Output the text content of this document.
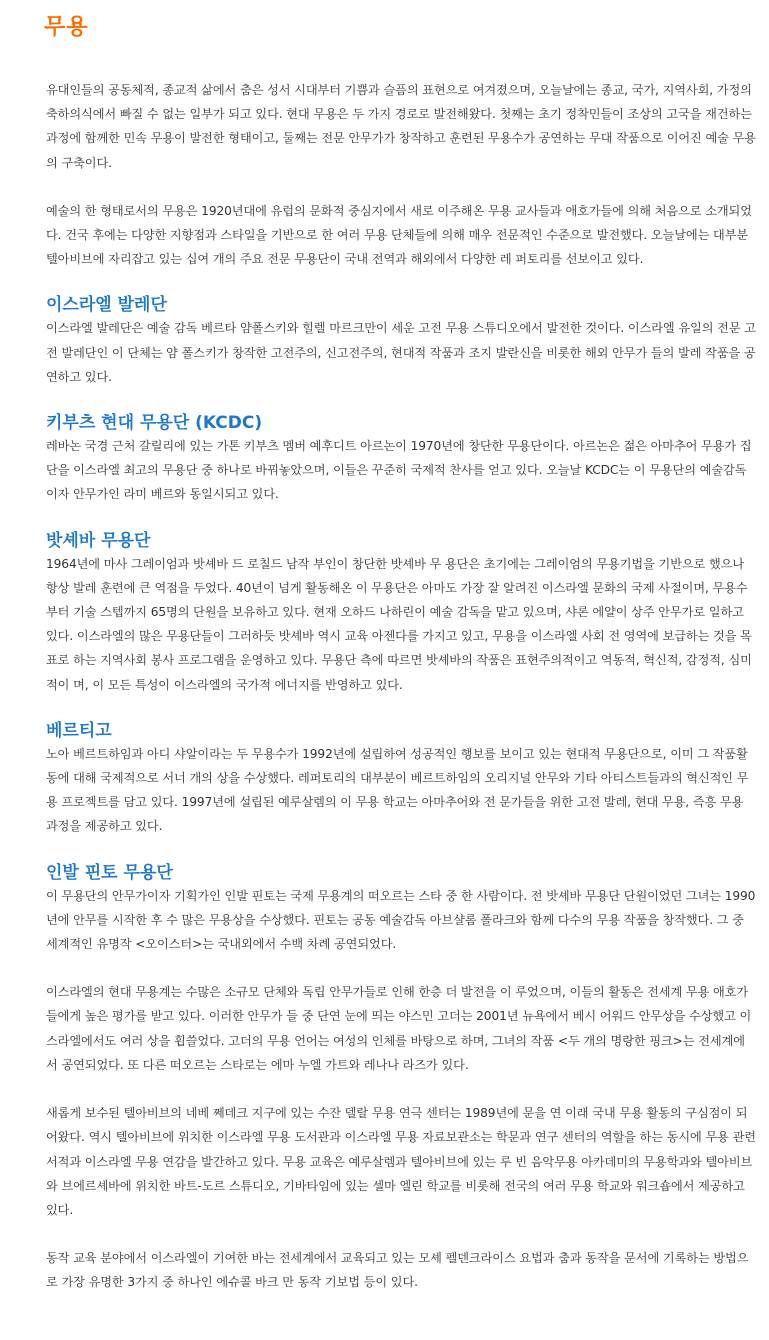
무용

유대인들의 공동체적, 종교적 삶에서 춤은 성서 시대부터 기쁨과 슬픔의 표현으로 여겨졌으며, 오늘날에는 종교, 국가, 지역사회, 가정의 축하의식에서 빠질 수 없는 일부가 되고 있다. 현대 무용은 두 가지 경로로 발전해왔다. 첫째는 초기 정착민들이 조상의 고국을 재건하는 과정에 함께한 민속 무용이 발전한 형태이고, 둘째는 전문 안무가가 창작하고 훈련된 무용수가 공연하는 무대 작품으로 이어진 예술 무용의 구축이다.

예술의 한 형태로서의 무용은 1920년대에 유럽의 문화적 중심지에서 새로 이주해온 무용 교사들과 애호가들에 의해 처음으로 소개되었다. 건국 후에는 다양한 지향점과 스타일을 기반으로 한 여러 무용 단체들에 의해 매우 전문적인 수준으로 발전했다. 오늘날에는 대부분 텔아비브에 자리잡고 있는 십여 개의 주요 전문 무용단이 국내 전역과 해외에서 다양한 레 퍼토리를 선보이고 있다.

이스라엘 발레단

이스라엘 발레단은 예술 감독 베르타 얌폴스키와 힐렐 마르크만이 세운 고전 무용 스튜디오에서 발전한 것이다. 이스라엘 유일의 전문 고전 발레단인 이 단체는 얌 폴스키가 창작한 고전주의, 신고전주의, 현대적 작품과 조지 발란신을 비롯한 해외 안무가 들의 발레 작품을 공연하고 있다.

키부츠 현대 무용단 (KCDC)

레바논 국경 근처 갈릴리에 있는 가톤 키부츠 멤버 예후디트 아르논이 1970년에 창단한 무용단이다. 아르논은 젊은 아마추어 무용가 집단을 이스라엘 최고의 무용단 중 하나로 바꿔놓았으며, 이들은 꾸준히 국제적 찬사를 얻고 있다. 오늘날 KCDC는 이 무용단의 예술감독이자 안무가인 라미 베르와 동일시되고 있다.

밧셰바 무용단

1964년에 마사 그레이엄과 밧셰바 드 로칠드 남작 부인이 창단한 밧셰바 무 용단은 초기에는 그레이엄의 무용기법을 기반으로 했으나 항상 발레 훈련에 큰 역점을 두었다. 40년이 넘게 활동해온 이 무용단은 아마도 가장 잘 알려진 이스라엘 문화의 국제 사절이며, 무용수부터 기술 스텝까지 65명의 단원을 보유하고 있다. 현재 오하드 나하린이 예술 감독을 맡고 있으며, 샤론 에얄이 상주 안무가로 일하고 있다. 이스라엘의 많은 무용단들이 그러하듯 밧셰바 역시 교육 아젠다를 가지고 있고, 무용을 이스라엘 사회 전 영역에 보급하는 것을 목표로 하는 지역사회 봉사 프로그램을 운영하고 있다. 무용단 측에 따르면 밧셰바의 작품은 표현주의적이고 역동적, 혁신적, 감정적, 심미적이 며, 이 모든 특성이 이스라엘의 국가적 에너지를 반영하고 있다.

베르티고

노아 베르트하임과 아디 샤알이라는 두 무용수가 1992년에 설립하여 성공적인 행보를 보이고 있는 현대적 무용단으로, 이미 그 작품활동에 대해 국제적으로 서너 개의 상을 수상했다. 레퍼토리의 대부분이 베르트하임의 오리지널 안무와 기타 아티스트들과의 혁신적인 무용 프로젝트를 담고 있다. 1997년에 설립된 예루살렘의 이 무용 학교는 아마추어와 전 문가들을 위한 고전 발레, 현대 무용, 즉흥 무용 과정을 제공하고 있다.

인발 핀토 무용단

이 무용단의 안무가이자 기획가인 인발 핀토는 국제 무용계의 떠오르는 스타 중 한 사람이다. 전 밧셰바 무용단 단원이었던 그녀는 1990년에 안무를 시작한 후 수 많은 무용상을 수상했다. 핀토는 공동 예술감독 아브샬롬 폴라크와 함께 다수의 무용 작품을 창작했다. 그 중 세계적인 유명작 <오이스터>는 국내외에서 수백 차례 공연되었다.

이스라엘의 현대 무용계는 수많은 소규모 단체와 독립 안무가들로 인해 한층 더 발전을 이 루었으며, 이들의 활동은 전세계 무용 애호가들에게 높은 평가를 받고 있다. 이러한 안무가 들 중 단연 눈에 띄는 야스민 고더는 2001년 뉴욕에서 베시 어워드 안무상을 수상했고 이 스라엘에서도 여러 상을 휩쓸었다. 고더의 무용 언어는 여성의 인체를 바탕으로 하며, 그녀의 작품 <두 개의 명랑한 핑크>는 전세계에서 공연되었다. 또 다른 떠오르는 스타로는 에마 누엘 가트와 레나나 라즈가 있다.

새롭게 보수된 텔아비브의 네베 쩨데크 지구에 있는 수잔 델랄 무용 연극 센터는 1989년에 문을 연 이래 국내 무용 활동의 구심점이 되어왔다. 역시 텔아비브에 위치한 이스라엘 무용 도서관과 이스라엘 무용 자료보관소는 학문과 연구 센터의 역할을 하는 동시에 무용 관련 서적과 이스라엘 무용 연감을 발간하고 있다. 무용 교육은 예루살렘과 텔아비브에 있는 루 빈 음악무용 아카데미의 무용학과와 텔아비브와 브에르셰바에 위치한 바트-도르 스튜디오, 기바타임에 있는 셀마 엘린 학교를 비롯해 전국의 여러 무용 학교와 워크숍에서 제공하고 있다.

동작 교육 분야에서 이스라엘이 기여한 바는 전세계에서 교육되고 있는 모셰 펠덴크라이스 요법과 춤과 동작을 문서에 기록하는 방법으로 가장 유명한 3가지 중 하나인 에슈콜 바크 만 동작 기보법 등이 있다.
